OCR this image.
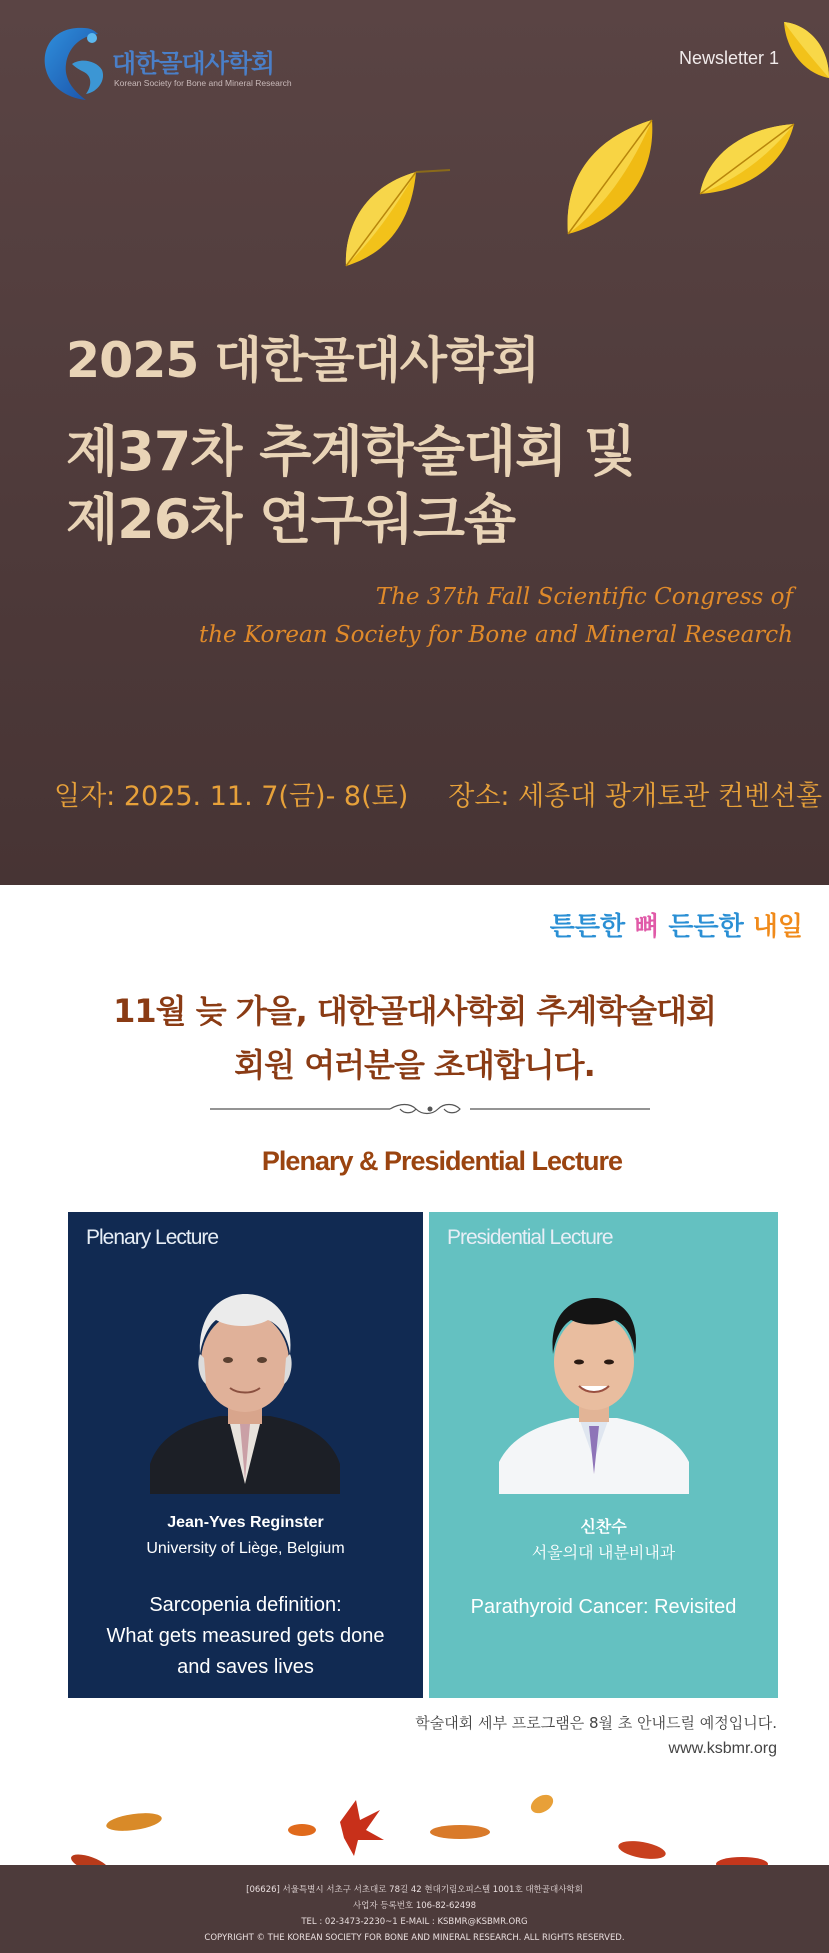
대한골대사학회
Korean Society for Bone and Mineral Research
Newsletter 1
2025 대한골대사학회
제37차 추계학술대회 및
제26차 연구워크숍
The 37th Fall Scientific Congress of
the Korean Society for Bone and Mineral Research
일자: 2025. 11. 7(금)- 8(토) 장소: 세종대 광개토관 컨벤션홀
튼튼한 뼈 든든한 내일
11월 늦 가을, 대한골대사학회 추계학술대회
회원 여러분을 초대합니다.
Plenary & Presidential Lecture
Plenary Lecture
Jean-Yves Reginster
University of Liège, Belgium
Sarcopenia definition:
What gets measured gets done
and saves lives
Presidential Lecture
신찬수
서울의대 내분비내과
Parathyroid Cancer: Revisited
학술대회 세부 프로그램은 8월 초 안내드릴 예정입니다.
www.ksbmr.org
[06626] 서울특별시 서초구 서초대로 78길 42 현대기림오피스텔 1001호 대한골대사학회
사업자 등록번호 106-82-62498
TEL : 02-3473-2230~1 E-MAIL : KSBMR@KSBMR.ORG
COPYRIGHT © THE KOREAN SOCIETY FOR BONE AND MINERAL RESEARCH. ALL RIGHTS RESERVED.
